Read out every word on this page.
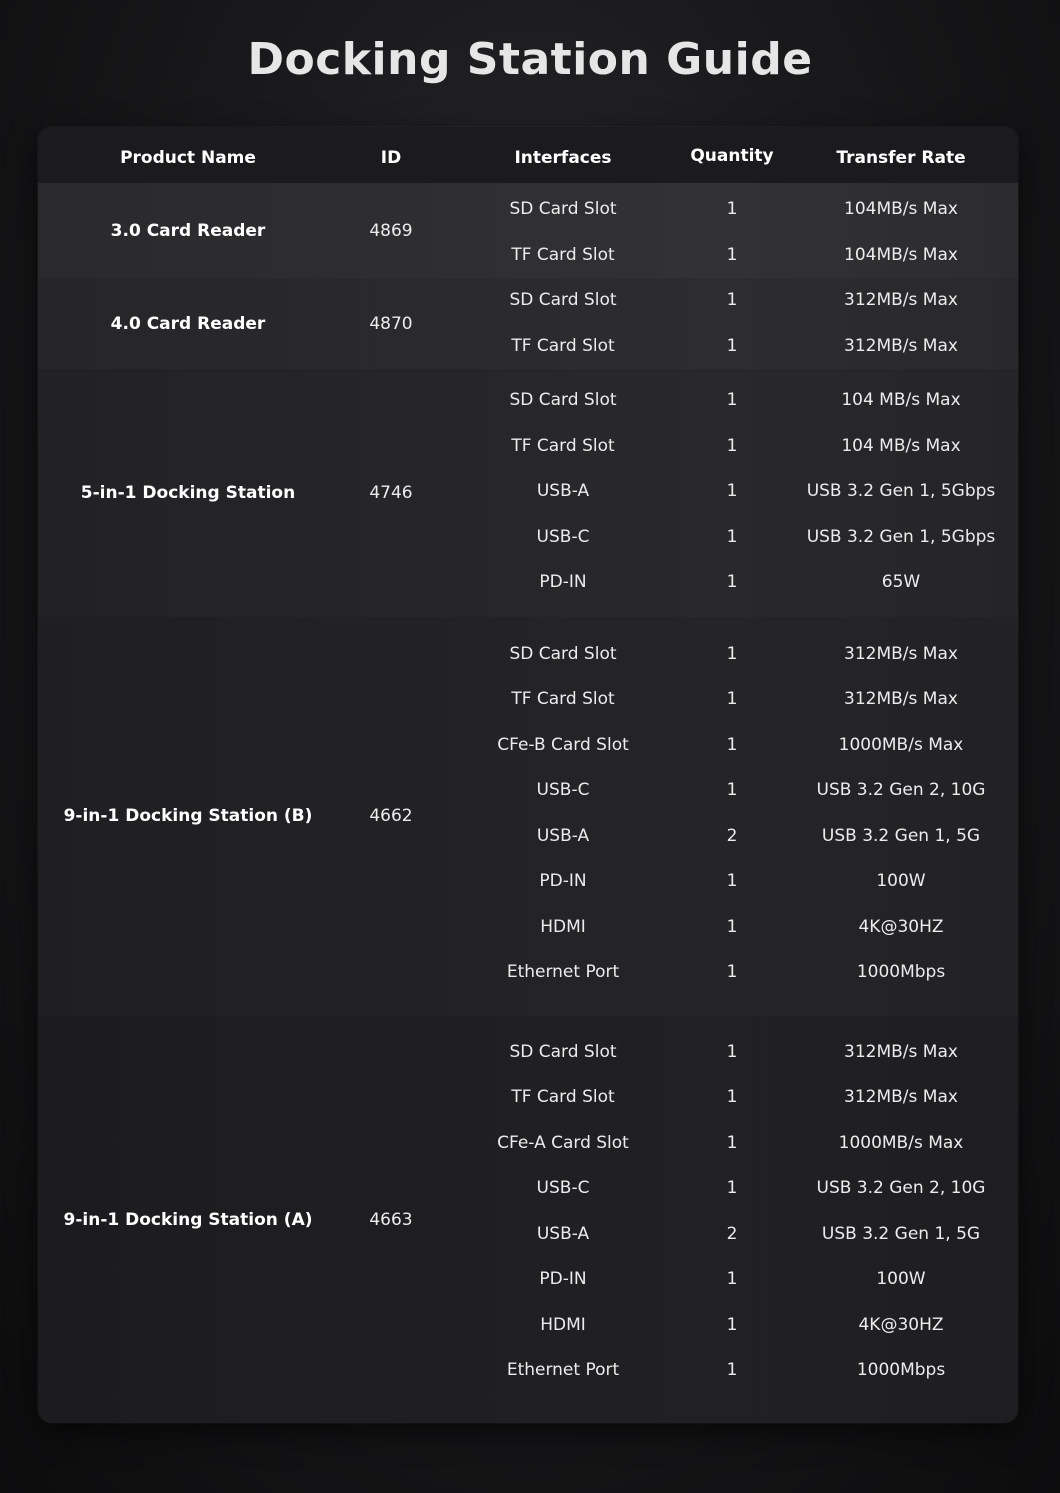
Docking Station Guide
Product Name	ID	Interfaces	Quantity	Transfer Rate
3.0 Card Reader	4869
SD Card Slot	1	104MB/s Max
TF Card Slot	1	104MB/s Max
4.0 Card Reader	4870
SD Card Slot	1	312MB/s Max
TF Card Slot	1	312MB/s Max
5-in-1 Docking Station	4746
SD Card Slot	1	104 MB/s Max
TF Card Slot	1	104 MB/s Max
USB-A	1	USB 3.2 Gen 1, 5Gbps
USB-C	1	USB 3.2 Gen 1, 5Gbps
PD-IN	1	65W
9-in-1 Docking Station (B)	4662
SD Card Slot	1	312MB/s Max
TF Card Slot	1	312MB/s Max
CFe-B Card Slot	1	1000MB/s Max
USB-C	1	USB 3.2 Gen 2, 10G
USB-A	2	USB 3.2 Gen 1, 5G
PD-IN	1	100W
HDMI	1	4K@30HZ
Ethernet Port	1	1000Mbps
9-in-1 Docking Station (A)	4663
SD Card Slot	1	312MB/s Max
TF Card Slot	1	312MB/s Max
CFe-A Card Slot	1	1000MB/s Max
USB-C	1	USB 3.2 Gen 2, 10G
USB-A	2	USB 3.2 Gen 1, 5G
PD-IN	1	100W
HDMI	1	4K@30HZ
Ethernet Port	1	1000Mbps
